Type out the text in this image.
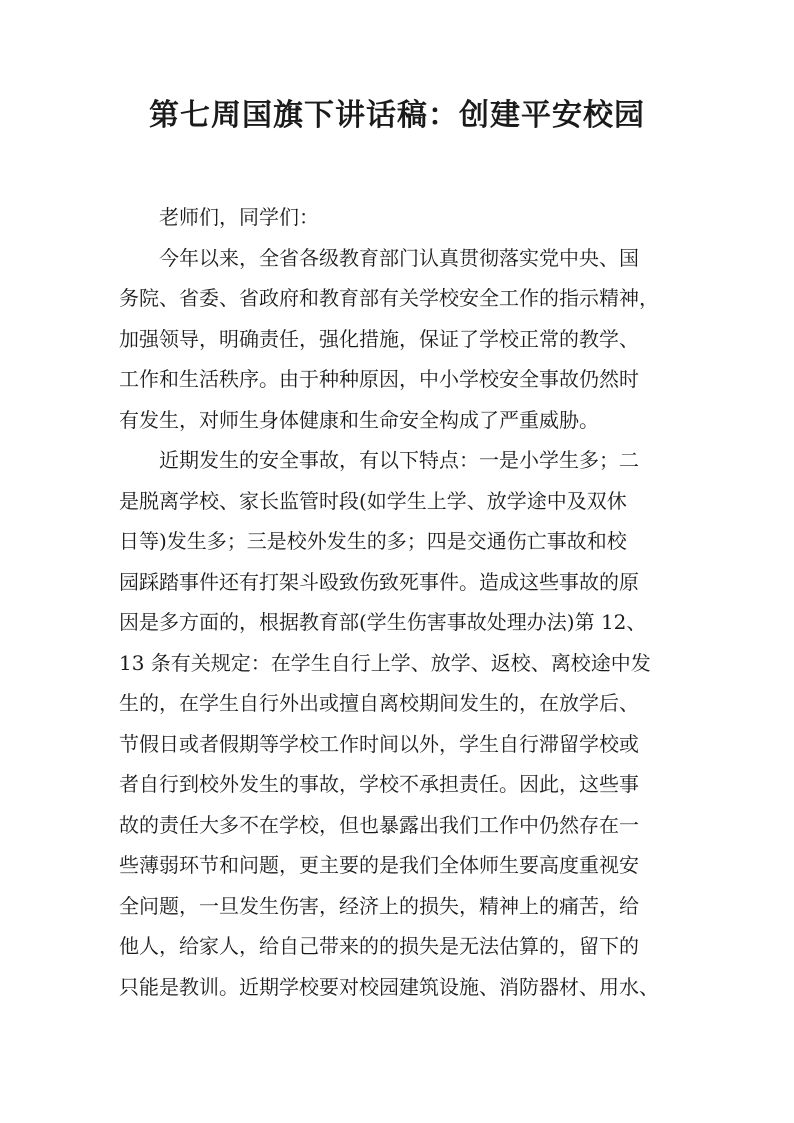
第七周国旗下讲话稿：创建平安校园
老师们，同学们：
今年以来，全省各级教育部门认真贯彻落实党中央、国
务院、省委、省政府和教育部有关学校安全工作的指示精神，
加强领导，明确责任，强化措施，保证了学校正常的教学、
工作和生活秩序。由于种种原因，中小学校安全事故仍然时
有发生，对师生身体健康和生命安全构成了严重威胁。
近期发生的安全事故，有以下特点：一是小学生多；二
是脱离学校、家长监管时段(如学生上学、放学途中及双休
日等)发生多；三是校外发生的多；四是交通伤亡事故和校
园踩踏事件还有打架斗殴致伤致死事件。造成这些事故的原
因是多方面的，根据教育部(学生伤害事故处理办法)第 12、
13 条有关规定：在学生自行上学、放学、返校、离校途中发
生的，在学生自行外出或擅自离校期间发生的，在放学后、
节假日或者假期等学校工作时间以外，学生自行滞留学校或
者自行到校外发生的事故，学校不承担责任。因此，这些事
故的责任大多不在学校，但也暴露出我们工作中仍然存在一
些薄弱环节和问题，更主要的是我们全体师生要高度重视安
全问题，一旦发生伤害，经济上的损失，精神上的痛苦，给
他人，给家人，给自己带来的的损失是无法估算的，留下的
只能是教训。近期学校要对校园建筑设施、消防器材、用水、
